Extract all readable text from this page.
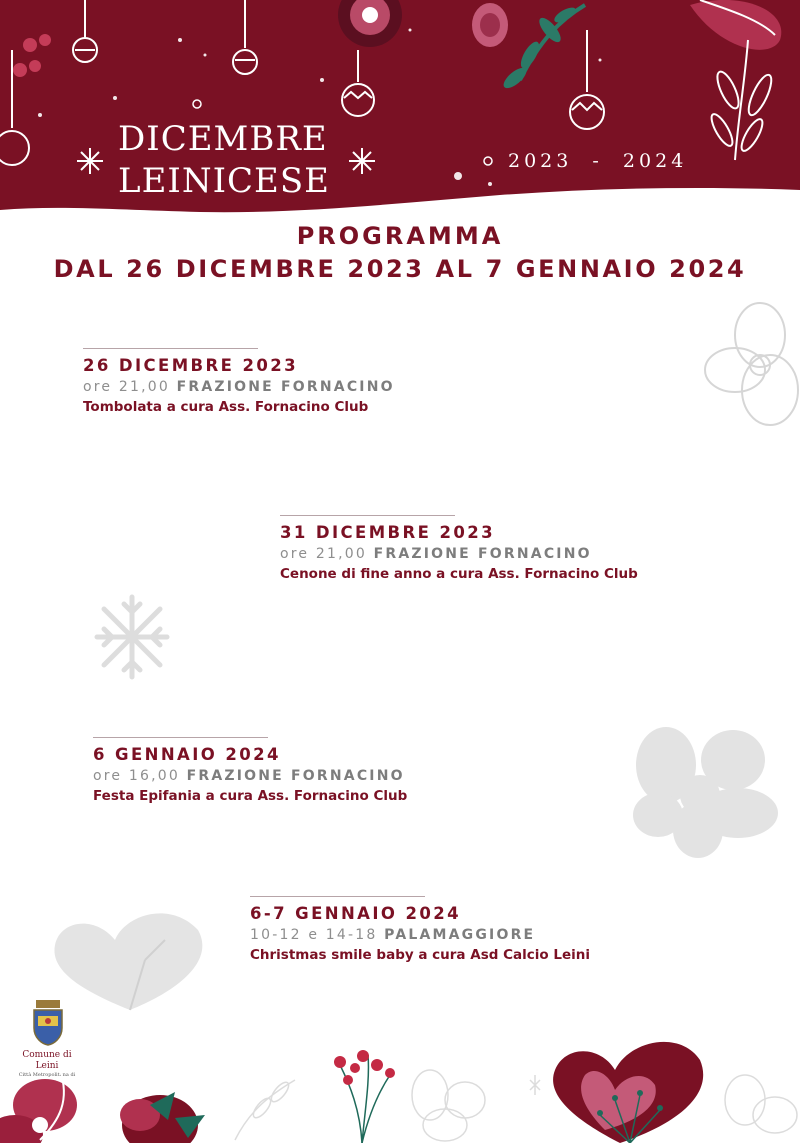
DICEMBRE
LEINICESE	2023  -  2024
PROGRAMMA
DAL 26 DICEMBRE 2023 AL 7 GENNAIO 2024
26 DICEMBRE 2023
ore 21,00 FRAZIONE FORNACINO
Tombolata a cura Ass. Fornacino Club
31 DICEMBRE 2023
ore 21,00 FRAZIONE FORNACINO
Cenone di fine anno a cura Ass. Fornacino Club
6 GENNAIO 2024
ore 16,00 FRAZIONE FORNACINO
Festa Epifania a cura Ass. Fornacino Club
6-7 GENNAIO 2024
10-12 e 14-18 PALAMAGGIORE
Christmas smile baby a cura Asd Calcio Leini
Comune di Leini
Città Metropolitana di
